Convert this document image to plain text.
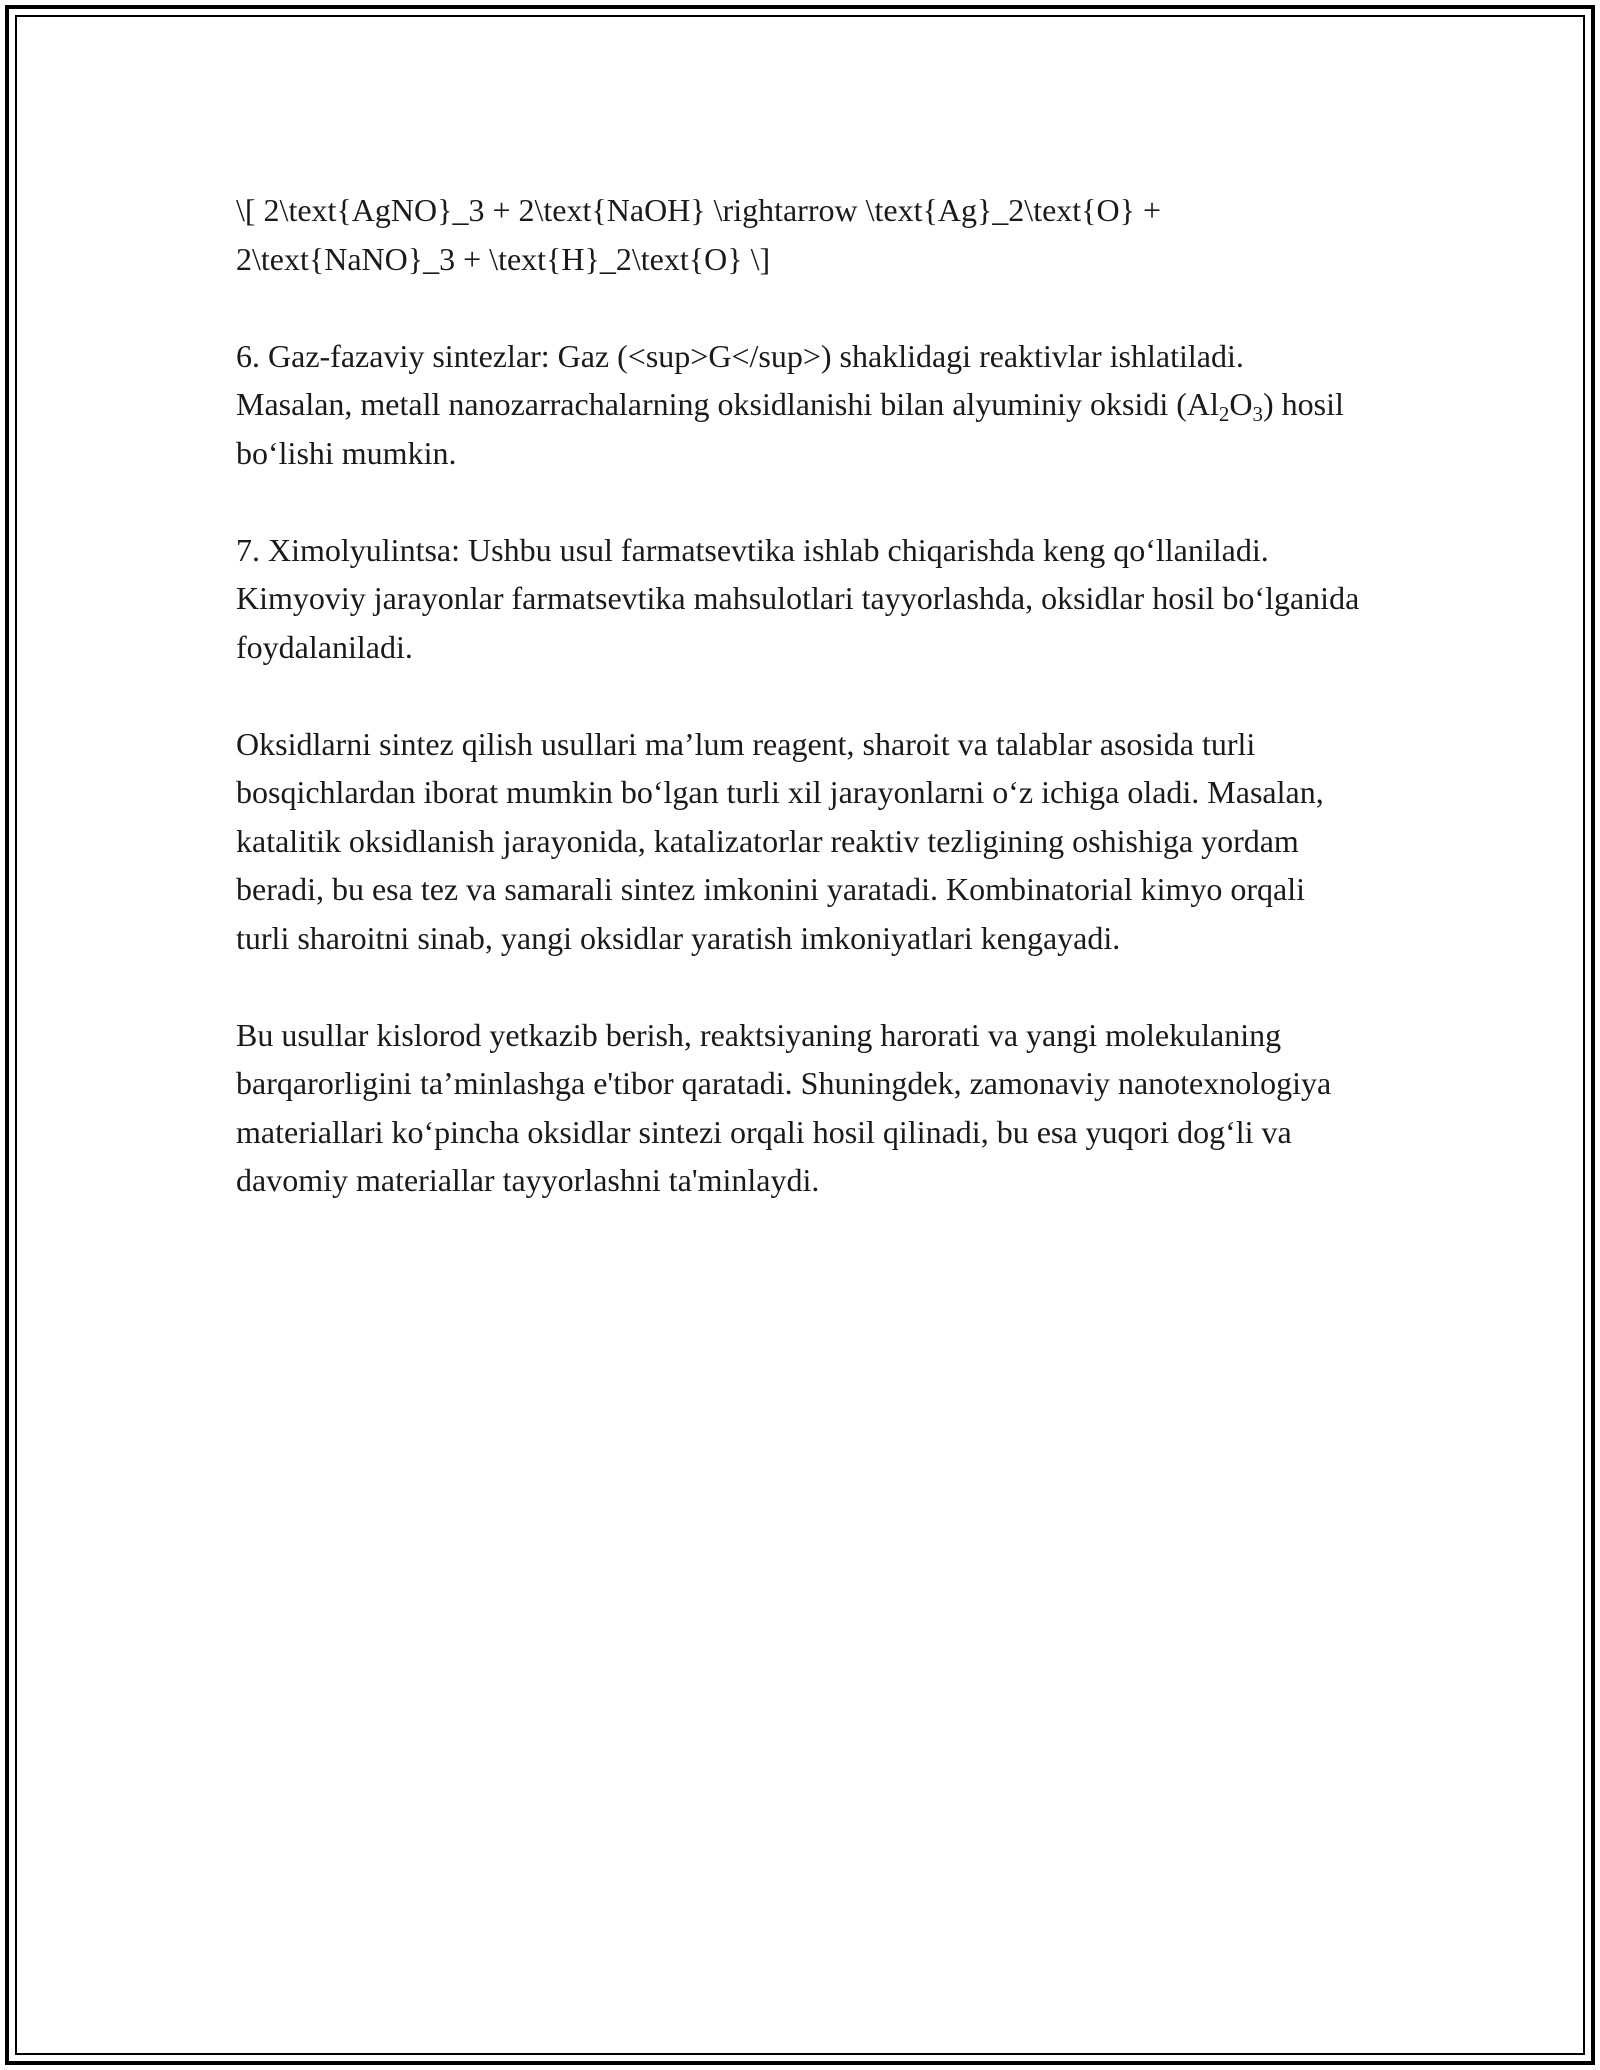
\[ 2\text{AgNO}_3 + 2\text{NaOH} \rightarrow \text{Ag}_2\text{O} +
2\text{NaNO}_3 + \text{H}_2\text{O} \]

6. Gaz-fazaviy sintezlar: Gaz (<sup>G</sup>) shaklidagi reaktivlar ishlatiladi. Masalan, metall nanozarrachalarning oksidlanishi bilan alyuminiy oksidi $(Al_2O_3)$ hosil bo‘lishi mumkin.

7. Ximolyulintsa: Ushbu usul farmatsevtika ishlab chiqarishda keng qo‘llaniladi. Kimyoviy jarayonlar farmatsevtika mahsulotlari tayyorlashda, oksidlar hosil bo‘lganida foydalaniladi.

Oksidlarni sintez qilish usullari ma’lum reagent, sharoit va talablar asosida turli bosqichlardan iborat mumkin bo‘lgan turli xil jarayonlarni o‘z ichiga oladi. Masalan, katalitik oksidlanish jarayonida, katalizatorlar reaktiv tezligining oshishiga yordam beradi, bu esa tez va samarali sintez imkonini yaratadi. Kombinatorial kimyo orqali turli sharoitni sinab, yangi oksidlar yaratish imkoniyatlari kengayadi.

Bu usullar kislorod yetkazib berish, reaktsiyaning harorati va yangi molekulaning barqarorligini ta’minlashga e'tibor qaratadi. Shuningdek, zamonaviy nanotexnologiya materiallari ko‘pincha oksidlar sintezi orqali hosil qilinadi, bu esa yuqori dog‘li va davomiy materiallar tayyorlashni ta'minlaydi.
